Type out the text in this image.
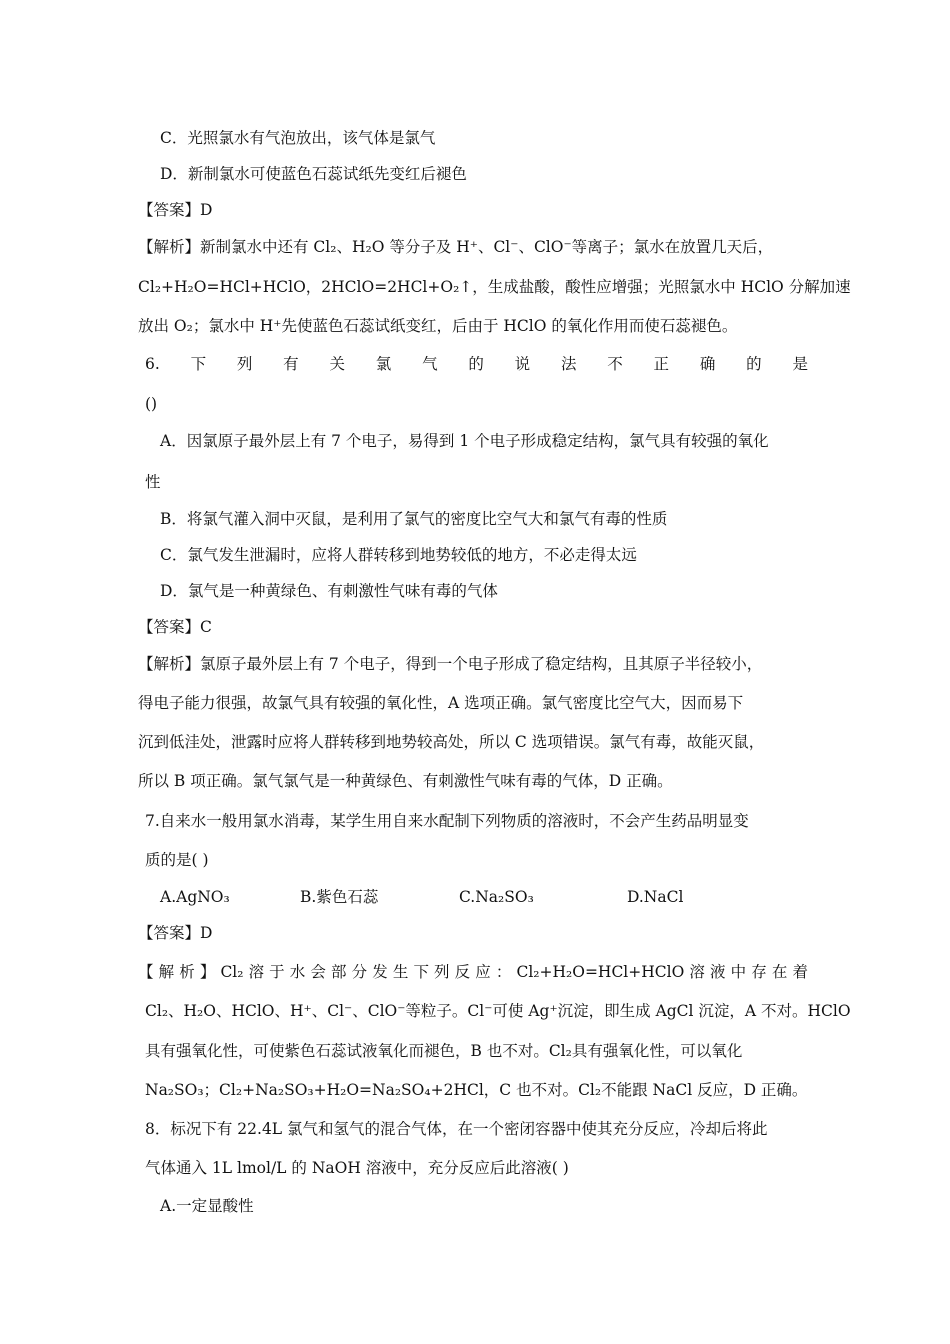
C．光照氯水有气泡放出，该气体是氯气
D．新制氯水可使蓝色石蕊试纸先变红后褪色
【答案】D
【解析】新制氯水中还有 Cl₂、H₂O 等分子及 H⁺、Cl⁻、ClO⁻等离子；氯水在放置几天后，
Cl₂+H₂O=HCl+HClO，2HClO=2HCl+O₂↑，生成盐酸，酸性应增强；光照氯水中 HClO 分解加速
放出 O₂；氯水中 H⁺先使蓝色石蕊试纸变红，后由于 HClO 的氧化作用而使石蕊褪色。
6. 下 列 有 关 氯 气 的 说 法 不 正 确 的 是
()
A．因氯原子最外层上有 7 个电子，易得到 1 个电子形成稳定结构，氯气具有较强的氧化
性
B．将氯气灌入洞中灭鼠，是利用了氯气的密度比空气大和氯气有毒的性质
C．氯气发生泄漏时，应将人群转移到地势较低的地方，不必走得太远
D．氯气是一种黄绿色、有刺激性气味有毒的气体
【答案】C
【解析】氯原子最外层上有 7 个电子，得到一个电子形成了稳定结构，且其原子半径较小，
得电子能力很强，故氯气具有较强的氧化性，A 选项正确。氯气密度比空气大，因而易下
沉到低洼处，泄露时应将人群转移到地势较高处，所以 C 选项错误。氯气有毒，故能灭鼠，
所以 B 项正确。氯气氯气是一种黄绿色、有刺激性气味有毒的气体，D 正确。
7.自来水一般用氯水消毒，某学生用自来水配制下列物质的溶液时，不会产生药品明显变
质的是( )
A.AgNO₃	B.紫色石蕊	C.Na₂SO₃	D.NaCl
【答案】D
【 解 析 】 Cl₂ 溶 于 水 会 部 分 发 生 下 列 反 应 ： Cl₂+H₂O=HCl+HClO 溶 液 中 存 在 着
Cl₂、H₂O、HClO、H⁺、Cl⁻、ClO⁻等粒子。Cl⁻可使 Ag⁺沉淀，即生成 AgCl 沉淀，A 不对。HClO
具有强氧化性，可使紫色石蕊试液氧化而褪色，B 也不对。Cl₂具有强氧化性，可以氧化
Na₂SO₃；Cl₂+Na₂SO₃+H₂O=Na₂SO₄+2HCl，C 也不对。Cl₂不能跟 NaCl 反应，D 正确。
8．标况下有 22.4L 氯气和氢气的混合气体，在一个密闭容器中使其充分反应，冷却后将此
气体通入 1L lmol/L 的 NaOH 溶液中，充分反应后此溶液( )
A.一定显酸性
